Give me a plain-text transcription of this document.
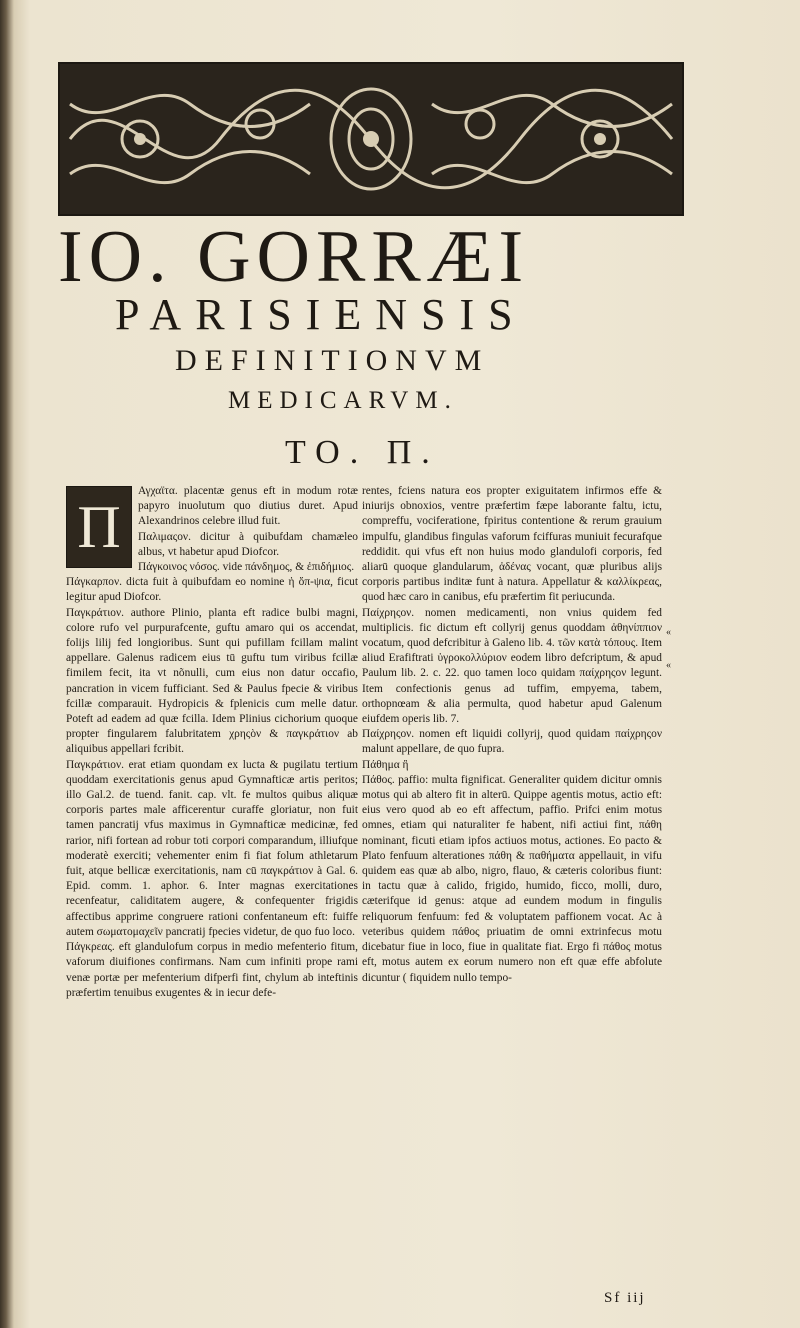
IO. GORRÆI
PARISIENSIS
DEFINITIONVM
MEDICARVM.
TO. Π.
Π

Αγχαϊτα. placentæ genus eft in modum rotæ papyro inuolutum quo diutius duret. Apud Alexandrinos celebre illud fuit.

Παλιμαςον. dicitur à quibufdam chamæleo albus, vt habetur apud Diofcor.

Πάγκοινος νόσος. vide πάνδημος, & ἐπιδήμιος.

Πάγκαρπον. dicta fuit à quibufdam eo nomine ἡ ὅπ-ψια, ficut legitur apud Diofcor.

Παγκράτιον. authore Plinio, planta eft radice bulbi magni, colore rufo vel purpurafcente, guftu amaro qui os accendat, folijs lilij fed longioribus. Sunt qui pufillam fcillam malint appellare. Galenus radicem eius tū guftu tum viribus fcillæ fimilem fecit, ita vt nõnulli, cum eius non datur occafio, pancration in vicem fufficiant. Sed & Paulus fpecie & viribus fcillæ comparauit. Hydropicis & fplenicis cum melle datur. Poteft ad eadem ad quæ fcilla. Idem Plinius cichorium quoque propter fingularem falubritatem χρηςὸν & παγκράτιον ab aliquibus appellari fcribit.

Παγκράτιον. erat etiam quondam ex lucta & pugilatu tertium quoddam exercitationis genus apud Gymnafticæ artis peritos; illo Gal.2. de tuend. fanit. cap. vlt. fe multos quibus aliquæ corporis partes male afficerentur curaffe gloriatur, non fuit tamen pancratij vfus maximus in Gymnafticæ medicinæ, fed rarior, nifi fortean ad robur toti corpori comparandum, illiufque moderatè exerciti; vehementer enim fi fiat folum athletarum fuit, atque bellicæ exercitationis, nam cū παγκράτιον à Gal. 6. Epid. comm. 1. aphor. 6. Inter magnas exercitationes recenfeatur, caliditatem augere, & confequenter frigidis affectibus apprime congruere rationi confentaneum eft: fuiffe autem σωματομαχεῖν pancratij fpecies videtur, de quo fuo loco.

Πάγκρεας. eft glandulofum corpus in medio mefenterio fitum, vaforum diuifiones confirmans. Nam cum infiniti prope rami venæ portæ per mefenterium difperfi fint, chylum ab inteftinis præfertim tenuibus exugentes & in iecur defe-

rentes, fciens natura eos propter exiguitatem infirmos effe & iniurijs obnoxios, ventre præfertim fæpe laborante faltu, ictu, compreffu, vociferatione, fpiritus contentione & rerum grauium impulfu, glandibus fingulas vaforum fciffuras muniuit fecurafque reddidit. qui vfus eft non huius modo glandulofi corporis, fed aliarū quoque glandularum, ἀδένας vocant, quæ pluribus alijs corporis partibus inditæ funt à natura. Appellatur & καλλίκρεας, quod hæc caro in canibus, efu præfertim fit periucunda.

Παίχρηςον. nomen medicamenti, non vnius quidem fed multiplicis. fic dictum eft collyrij genus quoddam ἀθηνίππιον vocatum, quod defcribitur à Galeno lib. 4. τῶν κατὰ τόπους. Item aliud Erafiftrati ὑγροκολλύριον eodem libro defcriptum, & apud Paulum lib. 2. c. 22. quo tamen loco quidam παίχρηςον legunt. Item confectionis genus ad tuffim, empyema, tabem, orthopnœam & alia permulta, quod habetur apud Galenum eiufdem operis lib. 7.

Παίχρηςον. nomen eft liquidi collyrij, quod quidam παίχρηςον malunt appellare, de quo fupra.

Πάθημα ἢ

Πάθος. paffio: multa fignificat. Generaliter quidem dicitur omnis motus qui ab altero fit in alterū. Quippe agentis motus, actio eft: eius vero quod ab eo eft affectum, paffio. Prifci enim motus omnes, etiam qui naturaliter fe habent, nifi actiui fint, πάθη nominant, ficuti etiam ipfos actiuos motus, actiones. Eo pacto & Plato fenfuum alterationes πάθη & παθήματα appellauit, in vifu quidem eas quæ ab albo, nigro, flauo, & cæteris coloribus fiunt: in tactu quæ à calido, frigido, humido, ficco, molli, duro, cæterifque id genus: atque ad eundem modum in fingulis reliquorum fenfuum: fed & voluptatem paffionem vocat. Ac à veteribus quidem πάθος priuatim de omni extrinfecus motu dicebatur fiue in loco, fiue in qualitate fiat. Ergo fi πάθος motus eft, motus autem ex eorum numero non eft quæ effe abfolute dicuntur ( fiquidem nullo tempo-

«
«
Sf iij
